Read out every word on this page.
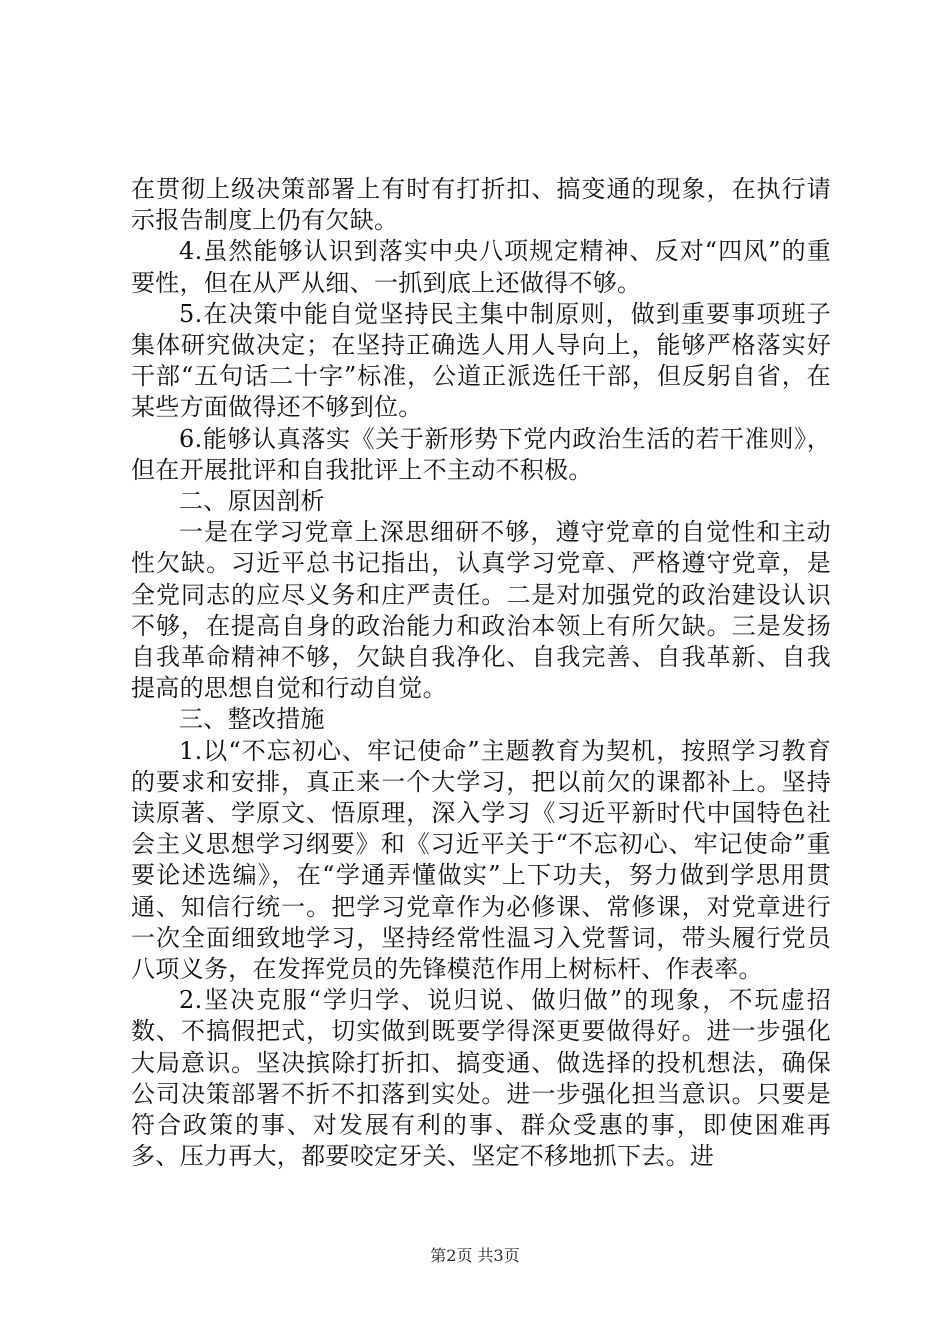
在贯彻上级决策部署上有时有打折扣、搞变通的现象，在执行请示报告制度上仍有欠缺。

4.虽然能够认识到落实中央八项规定精神、反对“四风”的重要性，但在从严从细、一抓到底上还做得不够。

5.在决策中能自觉坚持民主集中制原则，做到重要事项班子集体研究做决定；在坚持正确选人用人导向上，能够严格落实好干部“五句话二十字”标准，公道正派选任干部，但反躬自省，在某些方面做得还不够到位。

6.能够认真落实《关于新形势下党内政治生活的若干准则》，但在开展批评和自我批评上不主动不积极。

二、原因剖析

一是在学习党章上深思细研不够，遵守党章的自觉性和主动性欠缺。习近平总书记指出，认真学习党章、严格遵守党章，是全党同志的应尽义务和庄严责任。二是对加强党的政治建设认识不够，在提高自身的政治能力和政治本领上有所欠缺。三是发扬自我革命精神不够，欠缺自我净化、自我完善、自我革新、自我提高的思想自觉和行动自觉。

三、整改措施

1.以“不忘初心、牢记使命”主题教育为契机，按照学习教育的要求和安排，真正来一个大学习，把以前欠的课都补上。坚持读原著、学原文、悟原理，深入学习《习近平新时代中国特色社会主义思想学习纲要》和《习近平关于“不忘初心、牢记使命”重要论述选编》，在“学通弄懂做实”上下功夫，努力做到学思用贯通、知信行统一。把学习党章作为必修课、常修课，对党章进行一次全面细致地学习，坚持经常性温习入党誓词，带头履行党员八项义务，在发挥党员的先锋模范作用上树标杆、作表率。

2.坚决克服“学归学、说归说、做归做”的现象，不玩虚招数、不搞假把式，切实做到既要学得深更要做得好。进一步强化大局意识。坚决摈除打折扣、搞变通、做选择的投机想法，确保公司决策部署不折不扣落到实处。进一步强化担当意识。只要是符合政策的事、对发展有利的事、群众受惠的事，即使困难再多、压力再大，都要咬定牙关、坚定不移地抓下去。进

第2页 共3页
